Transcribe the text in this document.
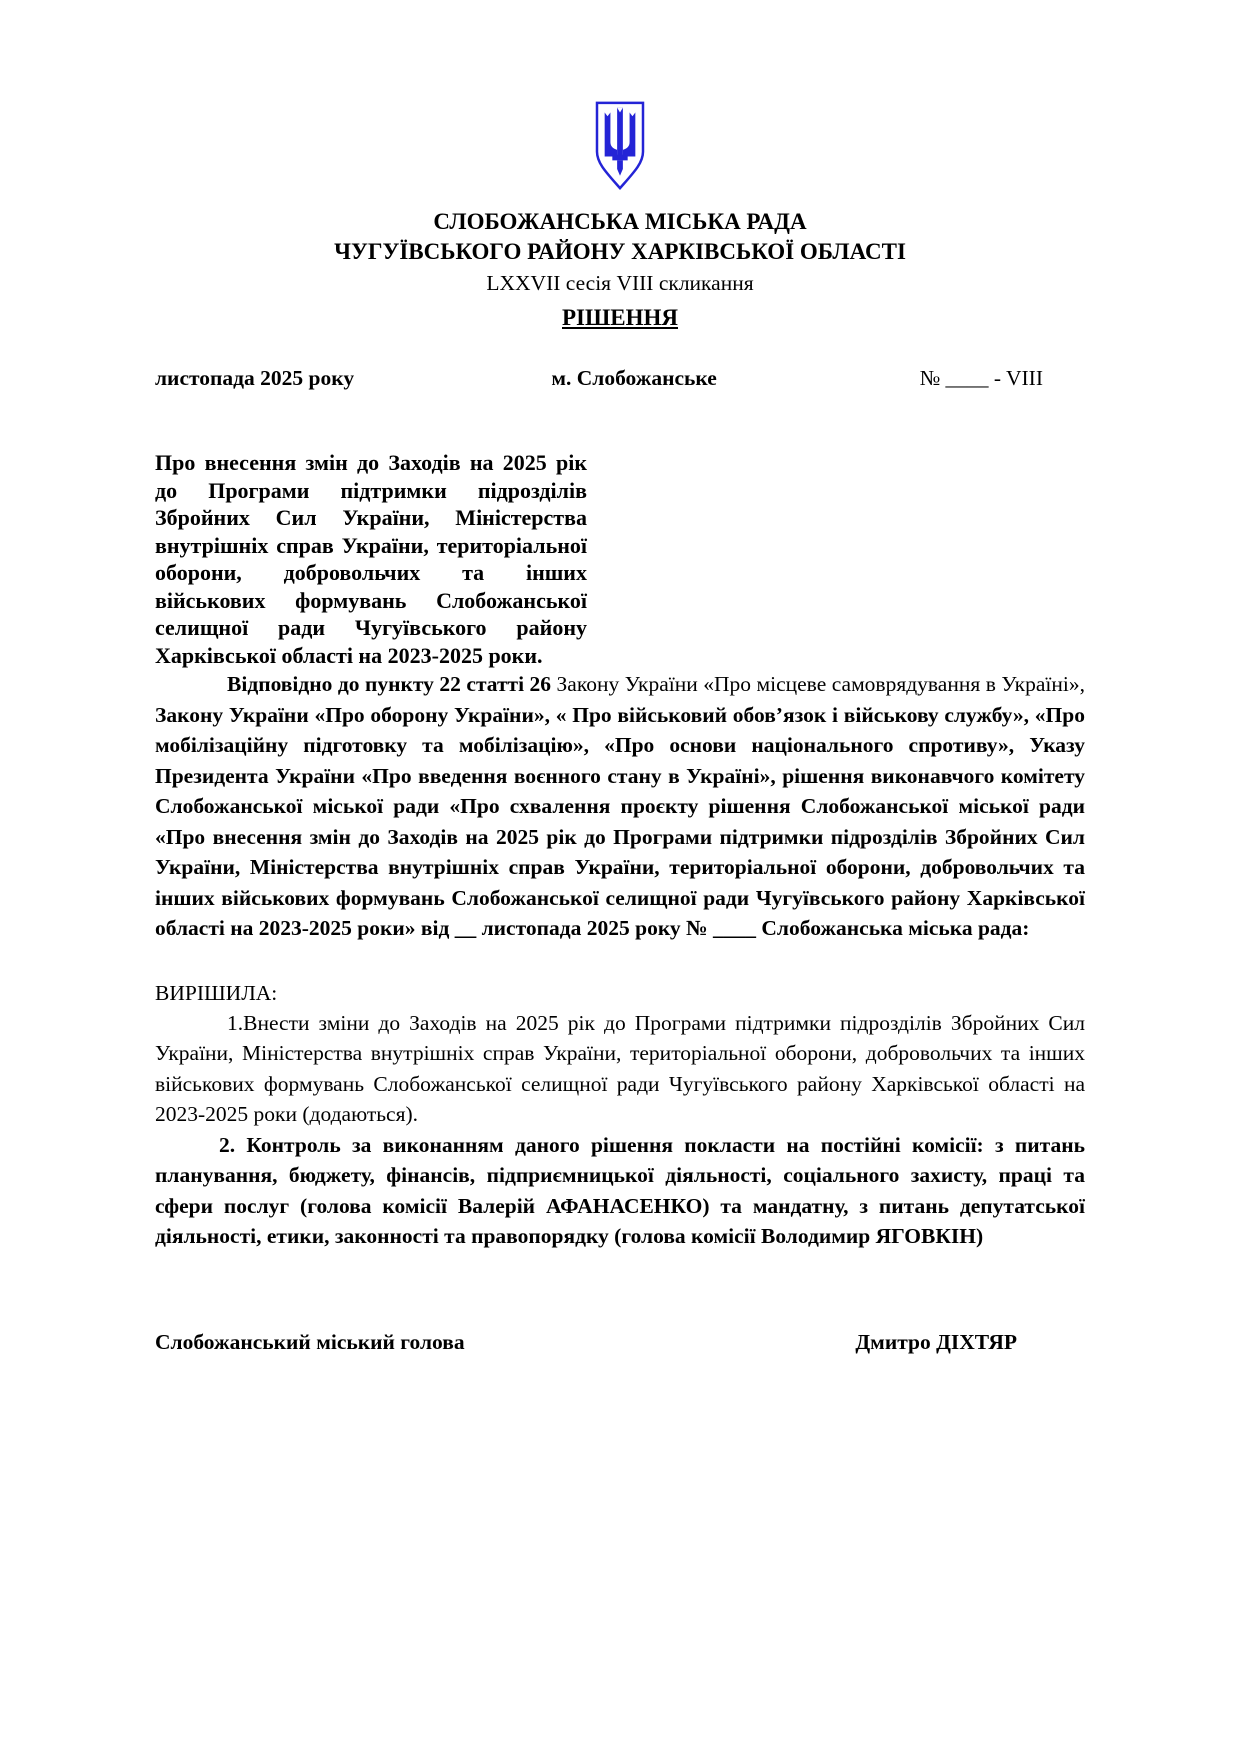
СЛОБОЖАНСЬКА МІСЬКА РАДА
ЧУГУЇВСЬКОГО РАЙОНУ ХАРКІВСЬКОЇ ОБЛАСТІ
LXXVII сесія VIII скликання
РІШЕННЯ
листопада 2025 року	м. Слобожанське	№ ____ - VIII
Про внесення змін до Заходів на 2025 рік до Програми підтримки підрозділів Збройних Сил України, Міністерства внутрішніх справ України, територіальної оборони, добровольчих та інших військових формувань Слобожанської селищної ради Чугуївського району Харківської області на 2023-2025 роки.

Відповідно до пункту 22 статті 26 Закону України «Про місцеве самоврядування в Україні», Закону України «Про оборону України», « Про військовий обов’язок і військову службу», «Про мобілізаційну підготовку та мобілізацію», «Про основи національного спротиву», Указу Президента України «Про введення воєнного стану в Україні», рішення виконавчого комітету Слобожанської міської ради «Про схвалення проєкту рішення Слобожанської міської ради «Про внесення змін до Заходів на 2025 рік до Програми підтримки підрозділів Збройних Сил України, Міністерства внутрішніх справ України, територіальної оборони, добровольчих та інших військових формувань Слобожанської селищної ради Чугуївського району Харківської області на 2023-2025 роки» від __ листопада 2025 року № ____ Слобожанська міська рада:

ВИРІШИЛА:

1.Внести зміни до Заходів на 2025 рік до Програми підтримки підрозділів Збройних Сил України, Міністерства внутрішніх справ України, територіальної оборони, добровольчих та інших військових формувань Слобожанської селищної ради Чугуївського району Харківської області на 2023-2025 роки (додаються).

2. Контроль за виконанням даного рішення покласти на постійні комісії: з питань планування, бюджету, фінансів, підприємницької діяльності, соціального захисту, праці та сфери послуг (голова комісії Валерій АФАНАСЕНКО) та мандатну, з питань депутатської діяльності, етики, законності та правопорядку (голова комісії Володимир ЯГОВКІН)

Слобожанський міський голова	Дмитро ДІХТЯР
